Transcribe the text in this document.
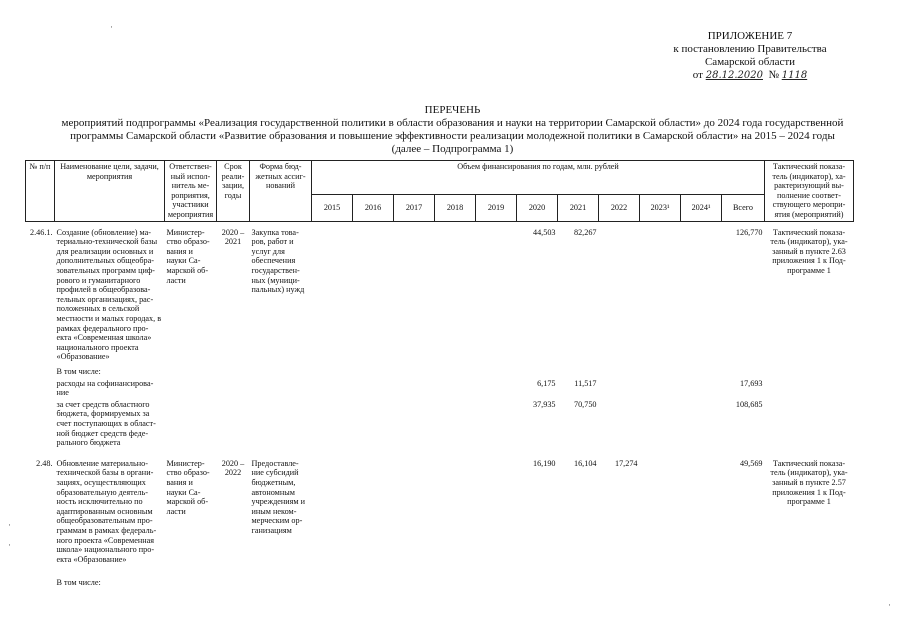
ПРИЛОЖЕНИЕ 7
к постановлению Правительства
Самарской области
от 28.12.2020 № 1118
ПЕРЕЧЕНЬ
мероприятий подпрограммы «Реализация государственной политики в области образования и науки на территории Самарской области» до 2024 года государственной
программы Самарской области «Развитие образования и повышение эффективности реализации молодежной политики в Самарской области» на 2015 – 2024 годы
(далее – Подпрограмма 1)
№ п/п	Наименование цели, задачи, мероприятия	Ответствен-ный испол-нитель ме-роприятия, участники мероприятия	Срок реали-зации, годы	Форма бюд-жетных ассиг-нований	Объем финансирования по годам, млн. рублей											Тактический показа-тель (индикатор), ха-рактеризующий вы-полнение соответ-ствующего меропри-ятия (мероприятий)
					2015	2016	2017	2018	2019	2020	2021	2022	2023¹	2024¹	Всего	
2.46.1.	Создание (обновление) ма-териально-технической базы для реализации основных и дополнительных общеобра-зовательных программ циф-рового и гуманитарного профилей в общеобразова-тельных организациях, рас-положенных в сельской местности и малых городах, в рамках федерального про-екта «Современная школа» национального проекта «Образование»	Министер-ство образо-вания и науки Са-марской об-ласти	2020 – 2021	Закупка това-ров, работ и услуг для обеспечения государствен-ных (муници-пальных) нужд						44,503	82,267				126,770	Тактический показа-тель (индикатор), ука-занный в пункте 2.63 приложения 1 к Под-программе 1
	В том числе:															
	расходы на софинансирова-ние									6,175	11,517				17,693	
	за счет средств областного бюджета, формируемых за счет поступающих в област-ной бюджет средств феде-рального бюджета									37,935	70,750				108,685	
2.48.	Обновление материально-технической базы в органи-зациях, осуществляющих образовательную деятель-ность исключительно по адаптированным основным общеобразовательным про-граммам в рамках федераль-ного проекта «Современная школа» национального про-екта «Образование»	Министер-ство образо-вания и науки Са-марской об-ласти	2020 – 2022	Предоставле-ние субсидий бюджетным, автономным учреждениям и иным неком-мерческим ор-ганизациям						16,190	16,104	17,274			49,569	Тактический показа-тель (индикатор), ука-занный в пункте 2.57 приложения 1 к Под-программе 1
	В том числе:															
·
·
·
·
